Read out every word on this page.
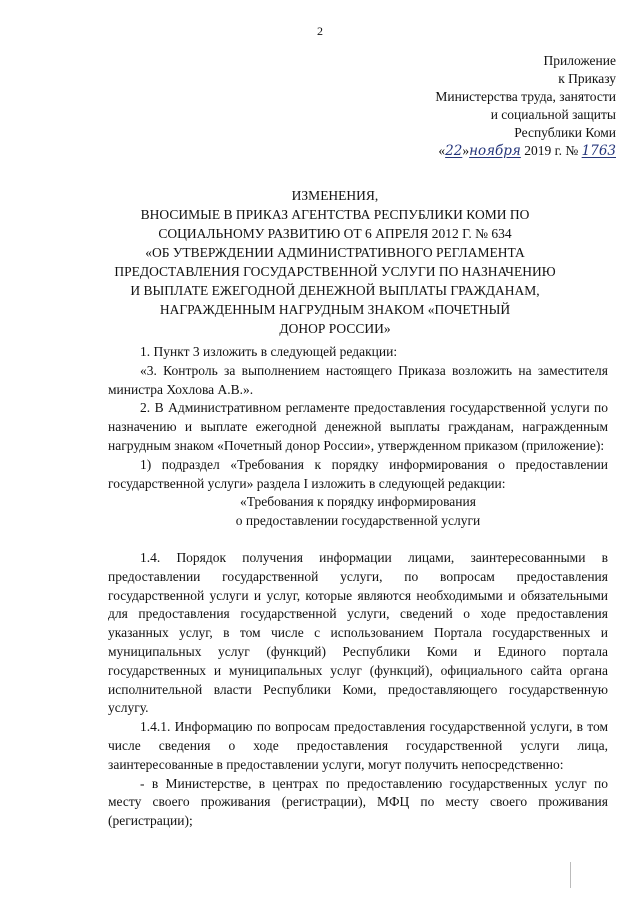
2
Приложение
к Приказу
Министерства труда, занятости
и социальной защиты
Республики Коми
«22»ноября 2019 г. № 1763
ИЗМЕНЕНИЯ,
ВНОСИМЫЕ В ПРИКАЗ АГЕНТСТВА РЕСПУБЛИКИ КОМИ ПО
СОЦИАЛЬНОМУ РАЗВИТИЮ ОТ 6 АПРЕЛЯ 2012 Г. № 634
«ОБ УТВЕРЖДЕНИИ АДМИНИСТРАТИВНОГО РЕГЛАМЕНТА
ПРЕДОСТАВЛЕНИЯ ГОСУДАРСТВЕННОЙ УСЛУГИ ПО НАЗНАЧЕНИЮ
И ВЫПЛАТЕ ЕЖЕГОДНОЙ ДЕНЕЖНОЙ ВЫПЛАТЫ ГРАЖДАНАМ,
НАГРАЖДЕННЫМ НАГРУДНЫМ ЗНАКОМ «ПОЧЕТНЫЙ
ДОНОР РОССИИ»

1. Пункт 3 изложить в следующей редакции:

«3. Контроль за выполнением настоящего Приказа возложить на заместителя министра Хохлова А.В.».

2. В Административном регламенте предоставления государственной услуги по назначению и выплате ежегодной денежной выплаты гражданам, награжденным нагрудным знаком «Почетный донор России», утвержденном приказом (приложение):

1) подраздел «Требования к порядку информирования о предоставлении государственной услуги» раздела I изложить в следующей редакции:

«Требования к порядку информирования

о предоставлении государственной услуги

1.4. Порядок получения информации лицами, заинтересованными в предоставлении государственной услуги, по вопросам предоставления государственной услуги и услуг, которые являются необходимыми и обязательными для предоставления государственной услуги, сведений о ходе предоставления указанных услуг, в том числе с использованием Портала государственных и муниципальных услуг (функций) Республики Коми и Единого портала государственных и муниципальных услуг (функций), официального сайта органа исполнительной власти Республики Коми, предоставляющего государственную услугу.

1.4.1. Информацию по вопросам предоставления государственной услуги, в том числе сведения о ходе предоставления государственной услуги лица, заинтересованные в предоставлении услуги, могут получить непосредственно:

- в Министерстве, в центрах по предоставлению государственных услуг по месту своего проживания (регистрации), МФЦ по месту своего проживания (регистрации);
